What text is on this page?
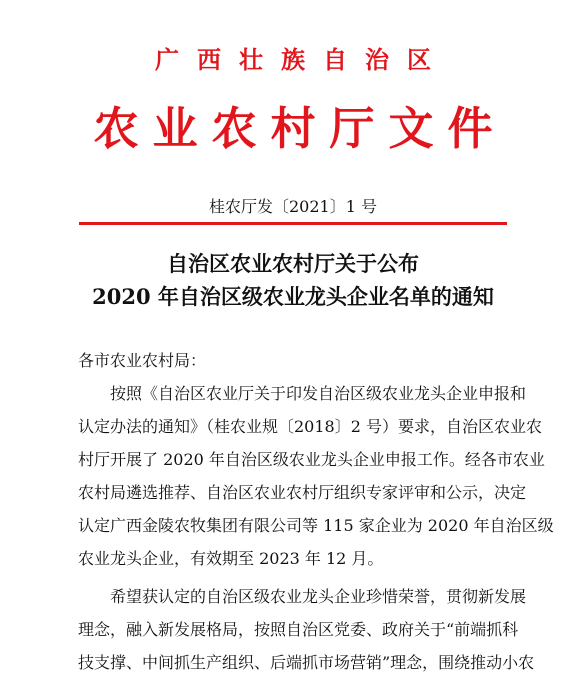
广西壮族自治区
农业农村厅文件
桂农厅发〔2021〕1 号
自治区农业农村厅关于公布
2020 年自治区级农业龙头企业名单的通知
各市农业农村局：
按照《自治区农业厅关于印发自治区级农业龙头企业申报和
认定办法的通知》（桂农业规〔2018〕2 号）要求，自治区农业农
村厅开展了 2020 年自治区级农业龙头企业申报工作。经各市农业
农村局遴选推荐、自治区农业农村厅组织专家评审和公示，决定
认定广西金陵农牧集团有限公司等 115 家企业为 2020 年自治区级
农业龙头企业，有效期至 2023 年 12 月。
希望获认定的自治区级农业龙头企业珍惜荣誉，贯彻新发展
理念，融入新发展格局，按照自治区党委、政府关于“前端抓科
技支撑、中间抓生产组织、后端抓市场营销”理念，围绕推动小农
